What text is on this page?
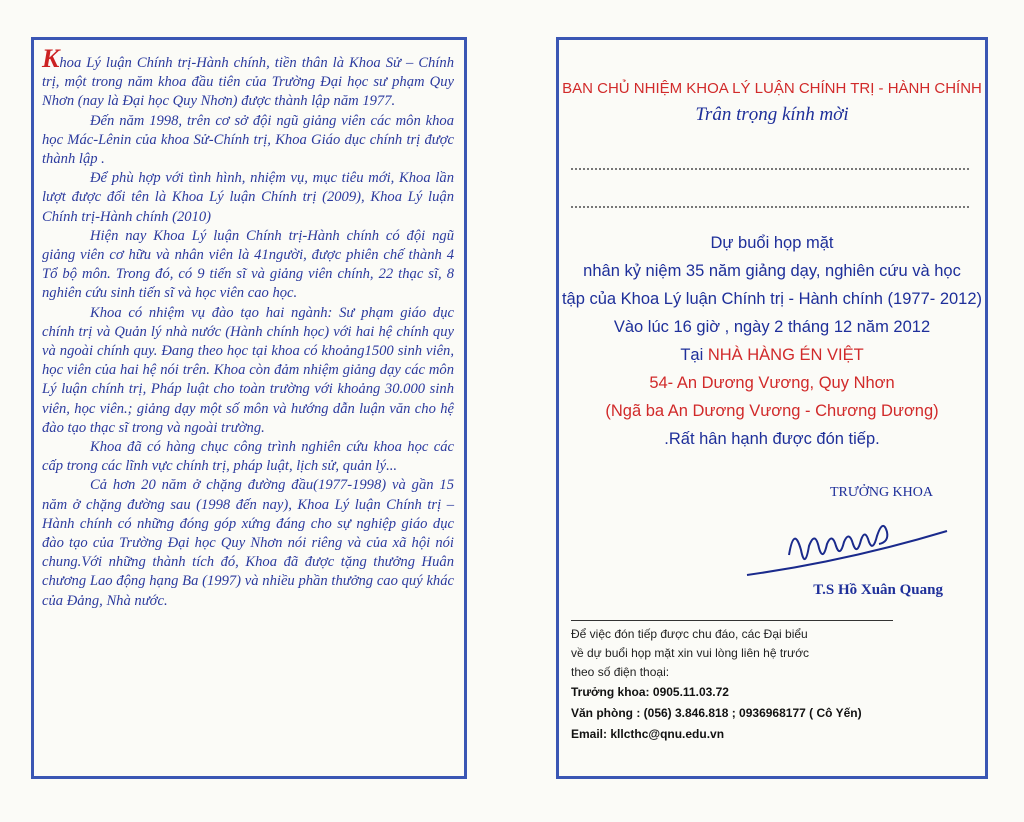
Khoa Lý luận Chính trị-Hành chính, tiền thân là Khoa Sử – Chính trị, một trong năm khoa đầu tiên của Trường Đại học sư phạm Quy Nhơn (nay là Đại học Quy Nhơn) được thành lập năm 1977.

Đến năm 1998, trên cơ sở đội ngũ giảng viên các môn khoa học Mác-Lênin của khoa Sử-Chính trị, Khoa Giáo dục chính trị được thành lập .

Để phù hợp với tình hình, nhiệm vụ, mục tiêu mới, Khoa lần lượt được đổi tên là Khoa Lý luận Chính trị (2009), Khoa Lý luận Chính trị-Hành chính (2010)

Hiện nay Khoa Lý luận Chính trị-Hành chính có đội ngũ giảng viên cơ hữu và nhân viên là 41người, được phiên chế thành 4 Tổ bộ môn. Trong đó, có 9 tiến sĩ và giảng viên chính, 22 thạc sĩ, 8 nghiên cứu sinh tiến sĩ và học viên cao học.

Khoa có nhiệm vụ đào tạo hai ngành: Sư phạm giáo dục chính trị và Quản lý nhà nước (Hành chính học) với hai hệ chính quy và ngoài chính quy. Đang theo học tại khoa có khoảng1500 sinh viên, học viên của hai hệ nói trên. Khoa còn đảm nhiệm giảng dạy các môn Lý luận chính trị, Pháp luật cho toàn trường với khoảng 30.000 sinh viên, học viên.; giảng dạy một số môn và hướng dẫn luận văn cho hệ đào tạo thạc sĩ trong và ngoài trường.

Khoa đã có hàng chục công trình nghiên cứu khoa học các cấp trong các lĩnh vực chính trị, pháp luật, lịch sử, quản lý...

Cả hơn 20 năm ở chặng đường đầu(1977-1998) và gần 15 năm ở chặng đường sau (1998 đến nay), Khoa Lý luận Chính trị – Hành chính có những đóng góp xứng đáng cho sự nghiệp giáo dục đào tạo của Trường Đại học Quy Nhơn nói riêng và của xã hội nói chung.Với những thành tích đó, Khoa đã được tặng thưởng Huân chương Lao động hạng Ba (1997) và nhiều phần thưởng cao quý khác của Đảng, Nhà nước.

BAN CHỦ NHIỆM KHOA LÝ LUẬN CHÍNH TRỊ - HÀNH CHÍNH
Trân trọng kính mời
Dự buổi họp mặt
nhân kỷ niệm 35 năm giảng dạy, nghiên cứu và học
tập của Khoa Lý luận Chính trị - Hành chính (1977- 2012)
Vào lúc 16 giờ , ngày 2 tháng 12 năm 2012
Tại NHÀ HÀNG ÉN VIỆT
54- An Dương Vương, Quy Nhơn
(Ngã ba An Dương Vương - Chương Dương)
.Rất hân hạnh được đón tiếp.
TRƯỞNG KHOA
T.S Hồ Xuân Quang
Để việc đón tiếp được chu đáo, các Đại biểu
về dự buổi họp mặt xin vui lòng liên hệ trước
theo số điện thoại:
Trưởng khoa: 0905.11.03.72
Văn phòng : (056) 3.846.818 ; 0936968177 ( Cô Yến)
Email: kllcthc@qnu.edu.vn
